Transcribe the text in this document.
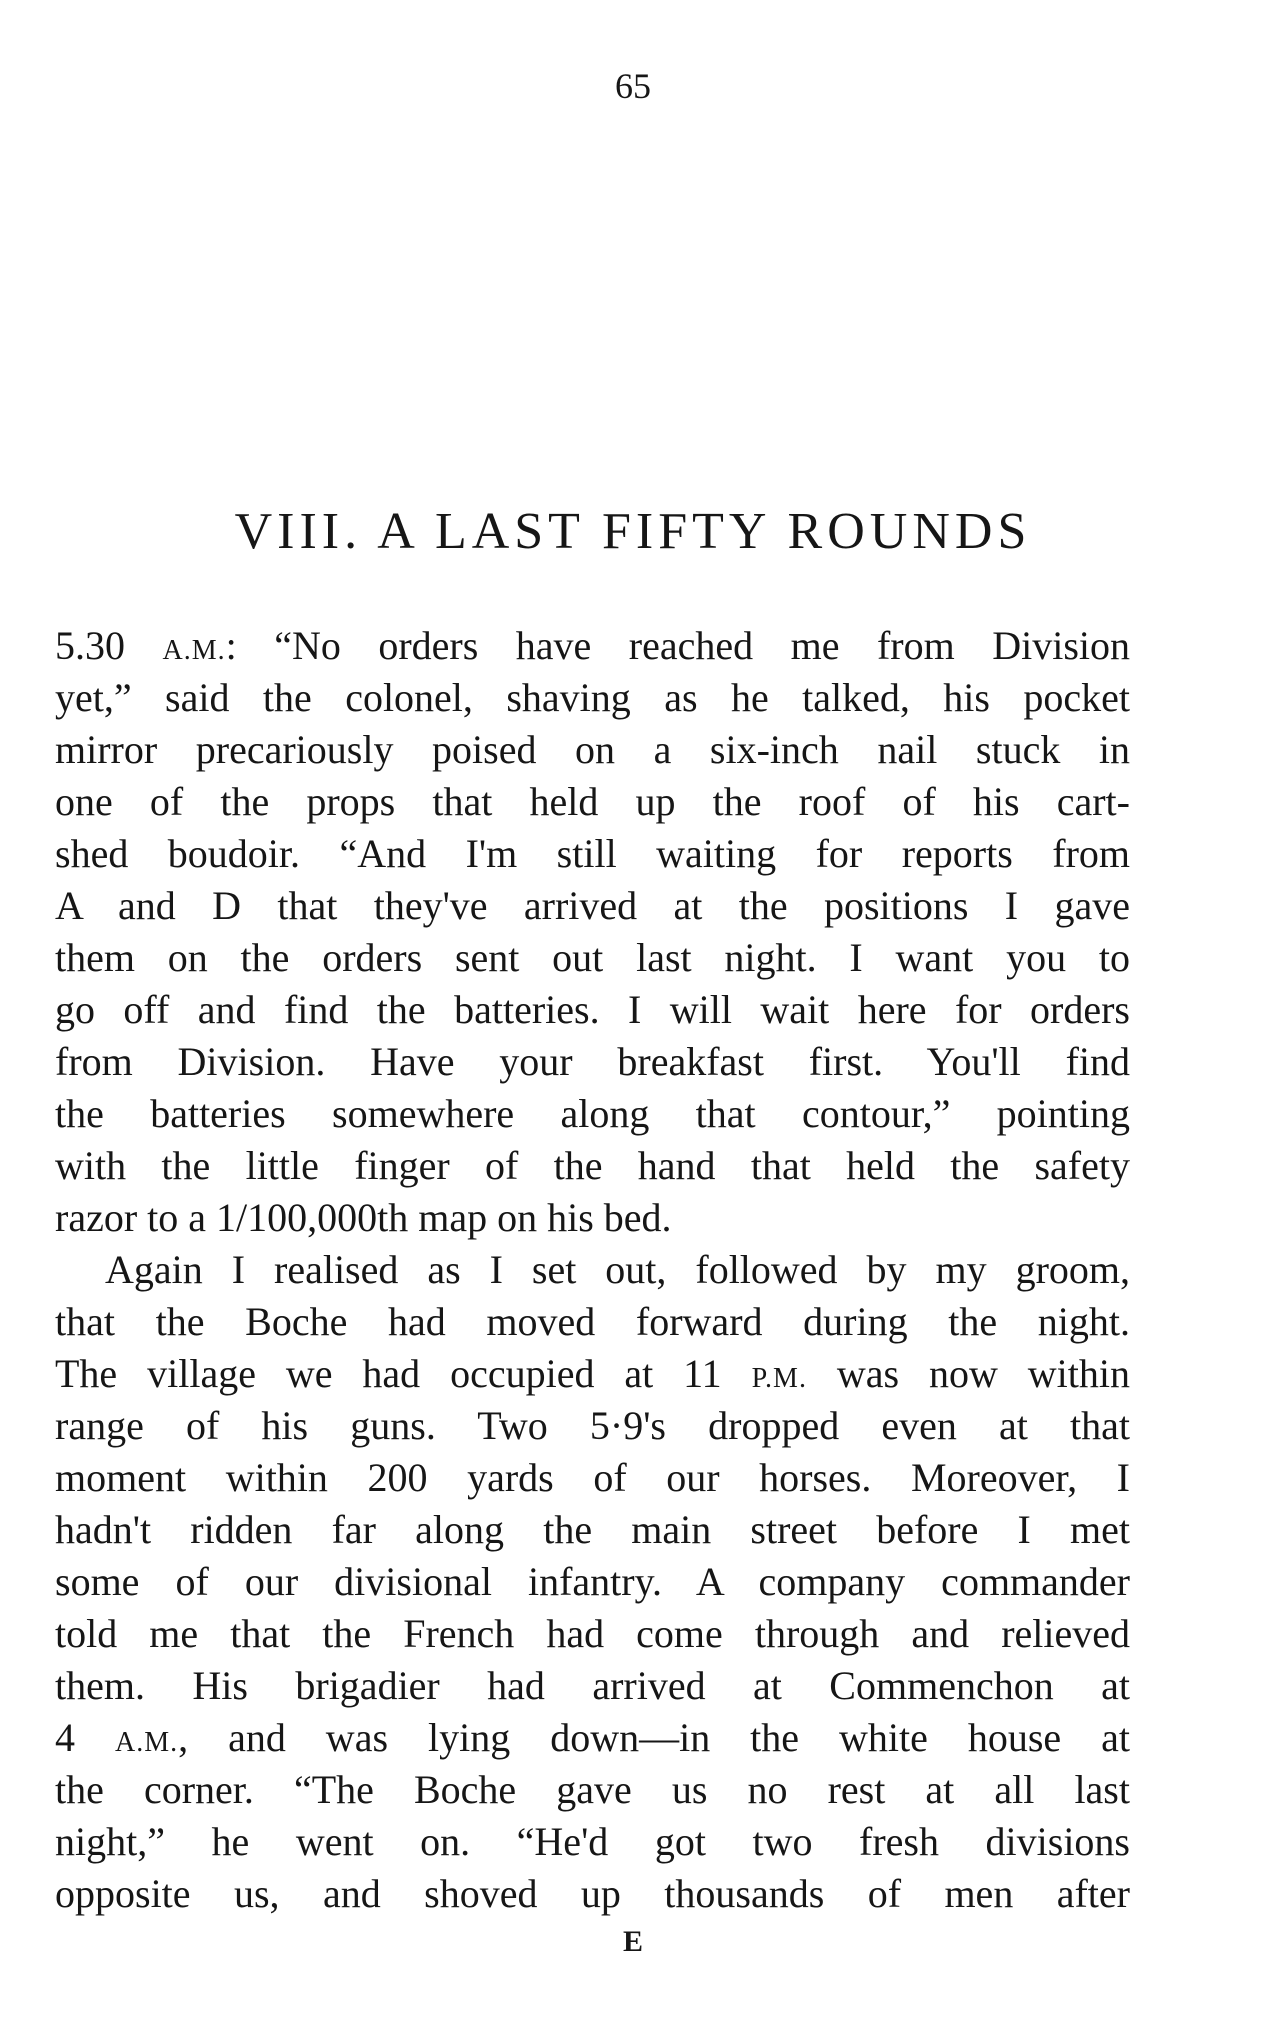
65
VIII. A LAST FIFTY ROUNDS
5.30 A.M.: “No orders have reached me from Division
yet,” said the colonel, shaving as he talked, his pocket
mirror precariously poised on a six-inch nail stuck in
one of the props that held up the roof of his cart-
shed boudoir. “And I'm still waiting for reports from
A and D that they've arrived at the positions I gave
them on the orders sent out last night. I want you to
go off and find the batteries. I will wait here for orders
from Division. Have your breakfast first. You'll find
the batteries somewhere along that contour,” pointing
with the little finger of the hand that held the safety
razor to a 1/100,000th map on his bed.
Again I realised as I set out, followed by my groom,
that the Boche had moved forward during the night.
The village we had occupied at 11 P.M. was now within
range of his guns. Two 5·9's dropped even at that
moment within 200 yards of our horses. Moreover, I
hadn't ridden far along the main street before I met
some of our divisional infantry. A company commander
told me that the French had come through and relieved
them. His brigadier had arrived at Commenchon at
4 A.M., and was lying down—in the white house at
the corner. “The Boche gave us no rest at all last
night,” he went on. “He'd got two fresh divisions
opposite us, and shoved up thousands of men after
E
